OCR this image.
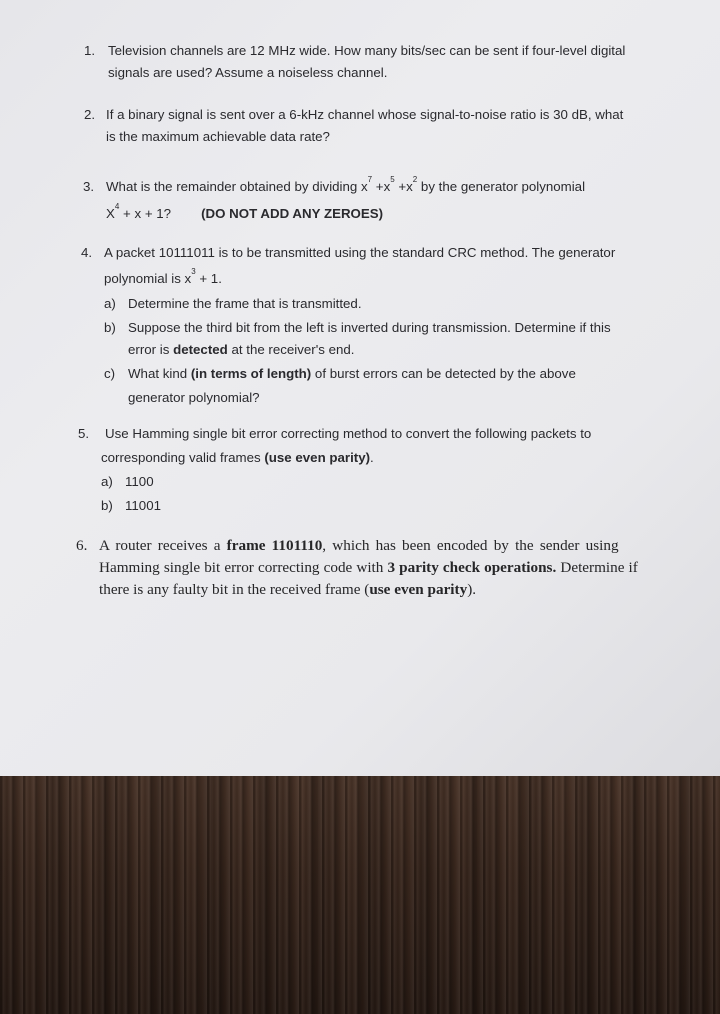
1. Television channels are 12 MHz wide. How many bits/sec can be sent if four-level digital
signals are used? Assume a noiseless channel.
2. If a binary signal is sent over a 6-kHz channel whose signal-to-noise ratio is 30 dB, what
is the maximum achievable data rate?
3. What is the remainder obtained by dividing $x^7 +x^5 +x^2$ by the generator polynomial
$X^4 + x + 1$? (DO NOT ADD ANY ZEROES)
4. A packet 10111011 is to be transmitted using the standard CRC method. The generator
polynomial is $x^3 + 1$.
a) Determine the frame that is transmitted.
b) Suppose the third bit from the left is inverted during transmission. Determine if this
error is detected at the receiver's end.
c) What kind (in terms of length) of burst errors can be detected by the above
generator polynomial?
5. Use Hamming single bit error correcting method to convert the following packets to
corresponding valid frames (use even parity).
a) 1100
b) 11001
6. A router receives a frame 1101110, which has been encoded by the sender using
Hamming single bit error correcting code with 3 parity check operations. Determine if
there is any faulty bit in the received frame (use even parity).
